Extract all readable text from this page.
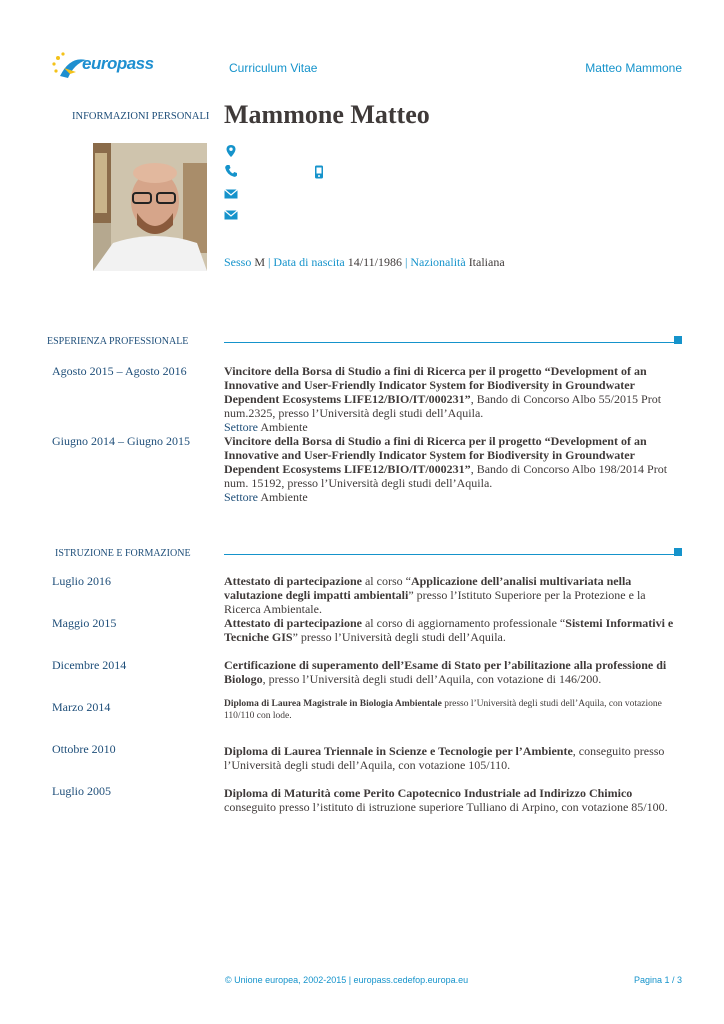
europass	Curriculum Vitae	Matteo Mammone
INFORMAZIONI PERSONALI Mammone Matteo
Sesso M | Data di nascita 14/11/1986 | Nazionalità Italiana
ESPERIENZA PROFESSIONALE
Agosto 2015 – Agosto 2016	Vincitore della Borsa di Studio a fini di Ricerca per il progetto “Development of an Innovative and User-Friendly Indicator System for Biodiversity in Groundwater Dependent Ecosystems LIFE12/BIO/IT/000231”, Bando di Concorso Albo 55/2015 Prot num.2325, presso l’Università degli studi dell’Aquila.
Settore Ambiente
Giugno 2014 – Giugno 2015	Vincitore della Borsa di Studio a fini di Ricerca per il progetto “Development of an Innovative and User-Friendly Indicator System for Biodiversity in Groundwater Dependent Ecosystems LIFE12/BIO/IT/000231”, Bando di Concorso Albo 198/2014 Prot num. 15192, presso l’Università degli studi dell’Aquila.
Settore Ambiente
ISTRUZIONE E FORMAZIONE
Luglio 2016	Attestato di partecipazione al corso “Applicazione dell’analisi multivariata nella valutazione degli impatti ambientali” presso l’Istituto Superiore per la Protezione e la Ricerca Ambientale.
Maggio 2015	Attestato di partecipazione al corso di aggiornamento professionale “Sistemi Informativi e Tecniche GIS” presso l’Università degli studi dell’Aquila.
Dicembre 2014	Certificazione di superamento dell’Esame di Stato per l’abilitazione alla professione di Biologo, presso l’Università degli studi dell’Aquila, con votazione di 146/200.
Marzo 2014	Diploma di Laurea Magistrale in Biologia Ambientale presso l’Università degli studi dell’Aquila, con votazione 110/110 con lode.
Ottobre 2010	Diploma di Laurea Triennale in Scienze e Tecnologie per l’Ambiente, conseguito presso l’Università degli studi dell’Aquila, con votazione 105/110.
Luglio 2005	Diploma di Maturità come Perito Capotecnico Industriale ad Indirizzo Chimico conseguito presso l’istituto di istruzione superiore Tulliano di Arpino, con votazione 85/100.
© Unione europea, 2002-2015 | europass.cedefop.europa.eu	Pagina 1 / 3
